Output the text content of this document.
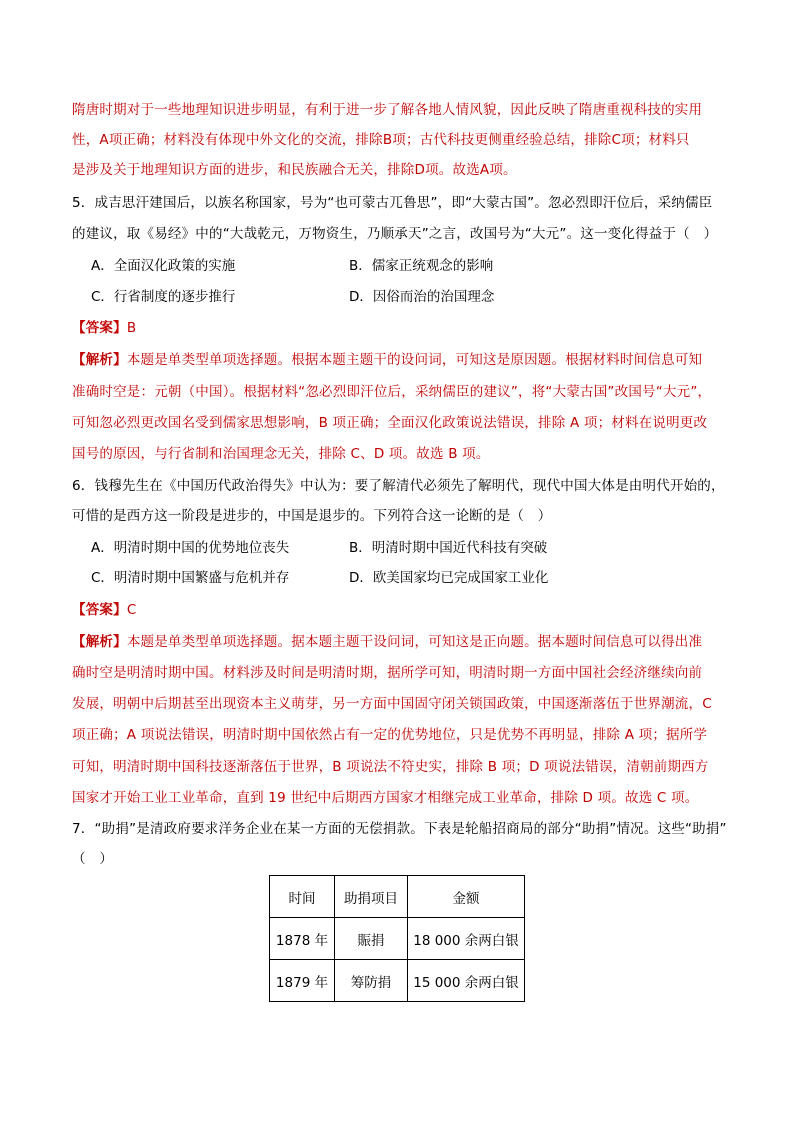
隋唐时期对于一些地理知识进步明显，有利于进一步了解各地人情风貌，因此反映了隋唐重视科技的实用
性，A项正确；材料没有体现中外文化的交流，排除B项；古代科技更侧重经验总结，排除C项；材料只
是涉及关于地理知识方面的进步，和民族融合无关，排除D项。故选A项。
5．成吉思汗建国后，以族名称国家，号为“也可蒙古兀鲁思”，即“大蒙古国”。忽必烈即汗位后，采纳儒臣
的建议，取《易经》中的“大哉乾元，万物资生，乃顺承天”之言，改国号为“大元”。这一变化得益于（　）
A．全面汉化政策的实施	B．儒家正统观念的影响
C．行省制度的逐步推行	D．因俗而治的治国理念
【答案】B
【解析】本题是单类型单项选择题。根据本题主题干的设问词，可知这是原因题。根据材料时间信息可知
准确时空是：元朝（中国）。根据材料“忽必烈即汗位后，采纳儒臣的建议”，将“大蒙古国”改国号“大元”，
可知忽必烈更改国名受到儒家思想影响，B 项正确；全面汉化政策说法错误，排除 A 项；材料在说明更改
国号的原因，与行省制和治国理念无关，排除 C、D 项。故选 B 项。
6．钱穆先生在《中国历代政治得失》中认为：要了解清代必须先了解明代，现代中国大体是由明代开始的，
可惜的是西方这一阶段是进步的，中国是退步的。下列符合这一论断的是（　）
A．明清时期中国的优势地位丧失	B．明清时期中国近代科技有突破
C．明清时期中国繁盛与危机并存	D．欧美国家均已完成国家工业化
【答案】C
【解析】本题是单类型单项选择题。据本题主题干设问词，可知这是正向题。据本题时间信息可以得出准
确时空是明清时期中国。材料涉及时间是明清时期，据所学可知，明清时期一方面中国社会经济继续向前
发展，明朝中后期甚至出现资本主义萌芽，另一方面中国固守闭关锁国政策，中国逐渐落伍于世界潮流，C
项正确；A 项说法错误，明清时期中国依然占有一定的优势地位，只是优势不再明显，排除 A 项；据所学
可知，明清时期中国科技逐渐落伍于世界，B 项说法不符史实，排除 B 项；D 项说法错误，清朝前期西方
国家才开始工业工业革命，直到 19 世纪中后期西方国家才相继完成工业革命，排除 D 项。故选 C 项。
7．“助捐”是清政府要求洋务企业在某一方面的无偿捐款。下表是轮船招商局的部分“助捐”情况。这些“助捐”
（　）
时间	助捐项目	金额
1878 年	賑捐	18 000 余两白银
1879 年	筹防捐	15 000 余两白银
